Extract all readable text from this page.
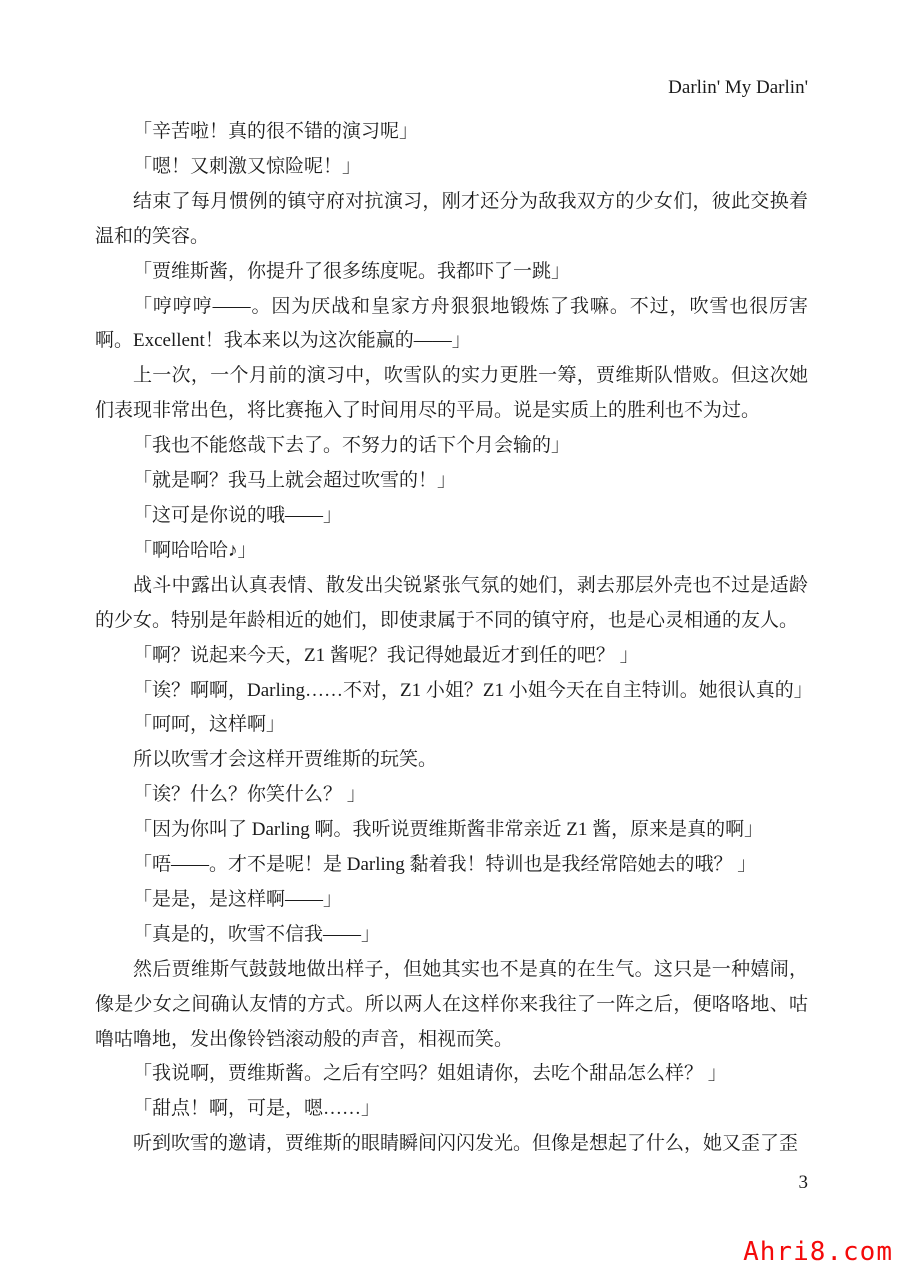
Darlin' My Darlin'

「辛苦啦！真的很不错的演习呢」

「嗯！又刺激又惊险呢！」

结束了每月惯例的镇守府对抗演习，刚才还分为敌我双方的少女们，彼此交换着温和的笑容。

「贾维斯酱，你提升了很多练度呢。我都吓了一跳」

「哼哼哼——。因为厌战和皇家方舟狠狠地锻炼了我嘛。不过，吹雪也很厉害啊。Excellent！我本来以为这次能赢的——」

上一次，一个月前的演习中，吹雪队的实力更胜一筹，贾维斯队惜败。但这次她们表现非常出色，将比赛拖入了时间用尽的平局。说是实质上的胜利也不为过。

「我也不能悠哉下去了。不努力的话下个月会输的」

「就是啊？我马上就会超过吹雪的！」

「这可是你说的哦——」

「啊哈哈哈♪」

战斗中露出认真表情、散发出尖锐紧张气氛的她们，剥去那层外壳也不过是适龄的少女。特别是年龄相近的她们，即使隶属于不同的镇守府，也是心灵相通的友人。

「啊？说起来今天，Z1 酱呢？我记得她最近才到任的吧？ 」

「诶？啊啊，Darling……不对，Z1 小姐？Z1 小姐今天在自主特训。她很认真的」

「呵呵，这样啊」

所以吹雪才会这样开贾维斯的玩笑。

「诶？什么？你笑什么？ 」

「因为你叫了 Darling 啊。我听说贾维斯酱非常亲近 Z1 酱，原来是真的啊」

「唔——。才不是呢！是 Darling 黏着我！特训也是我经常陪她去的哦？ 」

「是是，是这样啊——」

「真是的，吹雪不信我——」

然后贾维斯气鼓鼓地做出样子，但她其实也不是真的在生气。这只是一种嬉闹，像是少女之间确认友情的方式。所以两人在这样你来我往了一阵之后，便咯咯地、咕噜咕噜地，发出像铃铛滚动般的声音，相视而笑。

「我说啊，贾维斯酱。之后有空吗？姐姐请你，去吃个甜品怎么样？ 」

「甜点！啊，可是，嗯……」

听到吹雪的邀请，贾维斯的眼睛瞬间闪闪发光。但像是想起了什么，她又歪了歪

3
Ahri8.com
